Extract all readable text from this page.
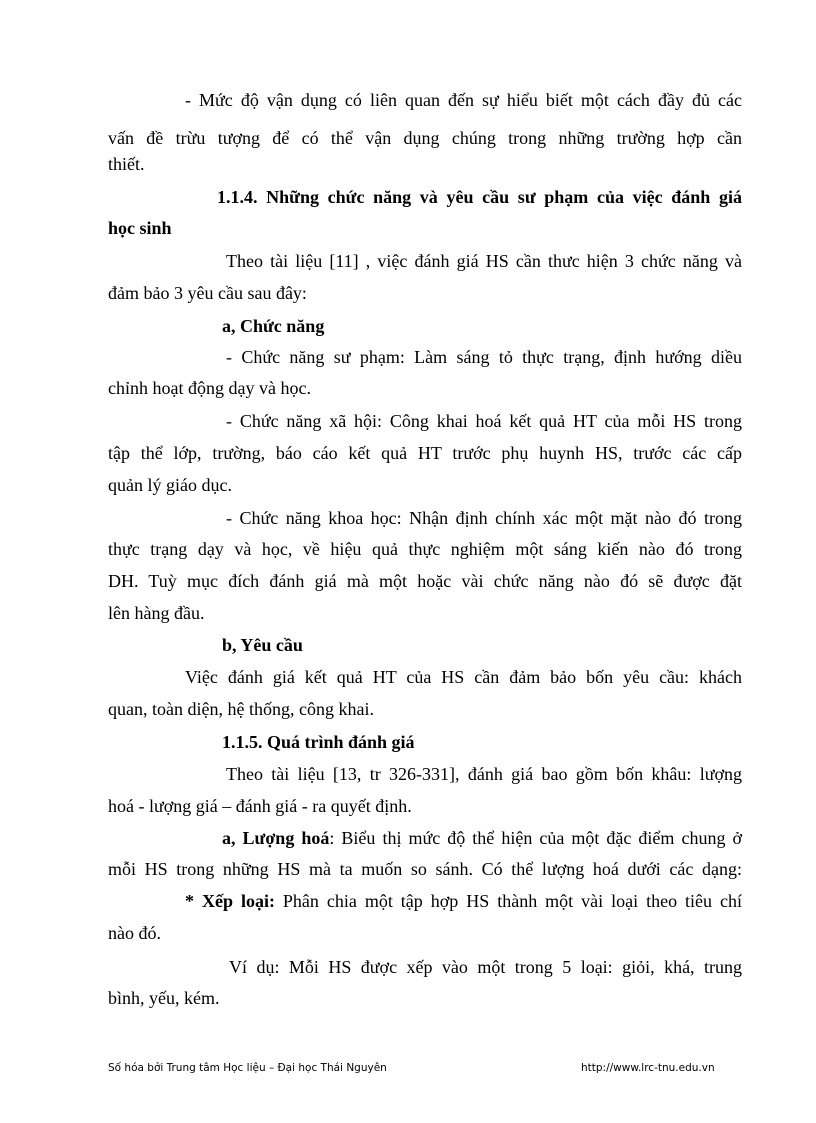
- Mức độ vận dụng có liên quan đến sự hiểu biết một cách đầy đủ các
vấn đề trừu tượng để có thể vận dụng chúng trong những trường hợp cần
thiết.
1.1.4. Những chức năng và yêu cầu sư phạm của việc đánh giá
học sinh
Theo tài liệu [11] , việc đánh giá HS cần thưc hiện 3 chức năng và
đảm bảo 3 yêu cầu sau đây:
a, Chức năng
- Chức năng sư phạm: Làm sáng tỏ thực trạng, định hướng diều
chỉnh hoạt động dạy và học.
- Chức năng xã hội: Công khai hoá kết quả HT của mỗi HS trong
tập thể lớp, trường, báo cáo kết quả HT trước phụ huynh HS, trước các cấp
quản lý giáo dục.
- Chức năng khoa học: Nhận định chính xác một mặt nào đó trong
thực trạng dạy và học, về hiệu quả thực nghiệm một sáng kiến nào đó trong
DH. Tuỳ mục đích đánh giá mà một hoặc vài chức năng nào đó sẽ được đặt
lên hàng đầu.
b, Yêu cầu
Việc đánh giá kết quả HT của HS cần đảm bảo bốn yêu cầu: khách
quan, toàn diện, hệ thống, công khai.
1.1.5. Quá trình đánh giá
Theo tài liệu [13, tr 326-331], đánh giá bao gồm bốn khâu: lượng
hoá - lượng giá – đánh giá - ra quyết định.
a, Lượng hoá: Biểu thị mức độ thể hiện của một đặc điểm chung ở
mỗi HS trong những HS mà ta muốn so sánh. Có thể lượng hoá dưới các dạng:
* Xếp loại: Phân chia một tập hợp HS thành một vài loại theo tiêu chí
nào đó.
Ví dụ: Mỗi HS được xếp vào một trong 5 loại: giỏi, khá, trung
bình, yếu, kém.
Số hóa bởi Trung tâm Học liệu – Đại học Thái Nguyên	http://www.lrc-tnu.edu.vn
